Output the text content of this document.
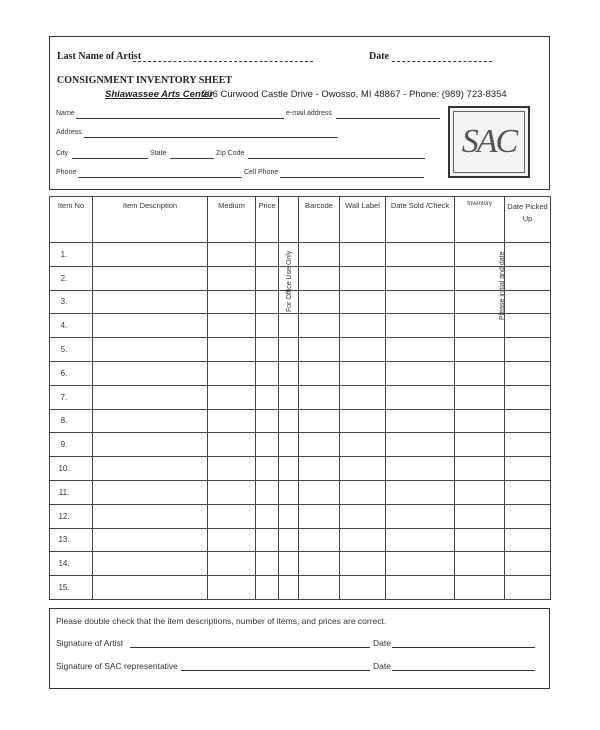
Last Name of Artist	Date
CONSIGNMENT INVENTORY SHEET
Shiawassee Arts Center
206 Curwood Castle Drive - Owosso, MI 48867 - Phone: (989) 723-8354
Name	e-mail address
Address
City	State	Zip Code
Phone	Cell Phone
SAC
Item No	Item Description	Medium	Price		Barcode	Wall Label	Date Sold /Check	Inventory	Date Picked Up
1.									
2.									
3.									
4.									
5.									
6.									
7.									
8.									
9.									
10.									
11.									
12.									
13.									
14.									
15.									
For Office Use Only	Please initial and date
Please double check that the item descriptions, number of items, and prices are correct.
Signature of Artist	Date
Signature of SAC representative	Date
